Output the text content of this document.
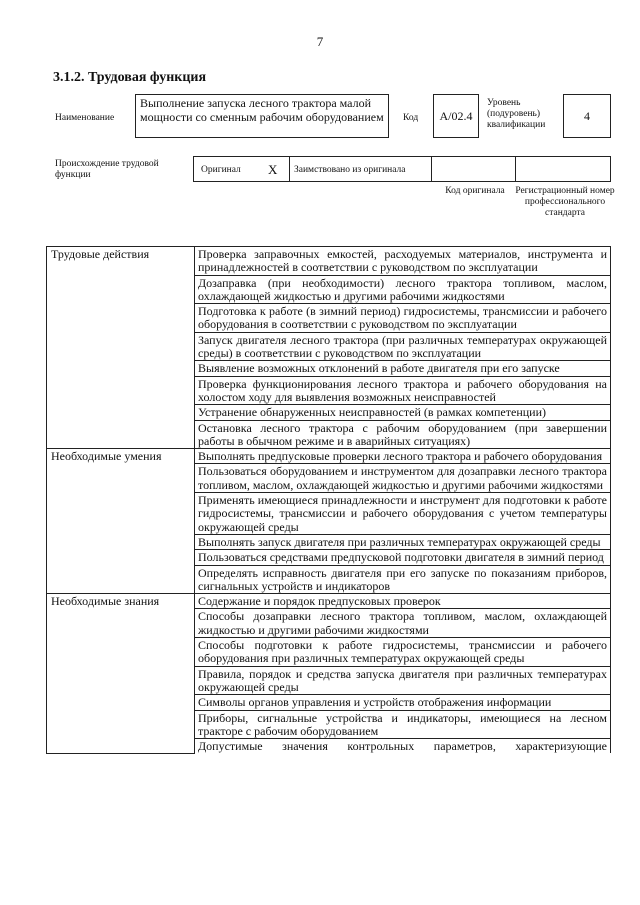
7
3.1.2. Трудовая функция
Наименование
Выполнение запуска лесного трактора малой мощности со сменным рабочим оборудованием	Код А/02.4
Уровень (подуровень) квалификации
4
Происхождение трудовой функции	Оригинал X Заимствовано из оригинала
Код оригинала	Регистрационный номер профессионального стандарта
Трудовые действия	Проверка заправочных емкостей, расходуемых материалов, инструмента и принадлежностей в соответствии с руководством по эксплуатации
	Дозаправка (при необходимости) лесного трактора топливом, маслом, охлаждающей жидкостью и другими рабочими жидкостями
	Подготовка к работе (в зимний период) гидросистемы, трансмиссии и рабочего оборудования в соответствии с руководством по эксплуатации
	Запуск двигателя лесного трактора (при различных температурах окружающей среды) в соответствии с руководством по эксплуатации
	Выявление возможных отклонений в работе двигателя при его запуске
	Проверка функционирования лесного трактора и рабочего оборудования на холостом ходу для выявления возможных неисправностей
	Устранение обнаруженных неисправностей (в рамках компетенции)
	Остановка лесного трактора с рабочим оборудованием (при завершении работы в обычном режиме и в аварийных ситуациях)
Необходимые умения	Выполнять предпусковые проверки лесного трактора и рабочего оборудования
	Пользоваться оборудованием и инструментом для дозаправки лесного трактора топливом, маслом, охлаждающей жидкостью и другими рабочими жидкостями
	Применять имеющиеся принадлежности и инструмент для подготовки к работе гидросистемы, трансмиссии и рабочего оборудования с учетом температуры окружающей среды
	Выполнять запуск двигателя при различных температурах окружающей среды
	Пользоваться средствами предпусковой подготовки двигателя в зимний период
	Определять исправность двигателя при его запуске по показаниям приборов, сигнальных устройств и индикаторов
Необходимые знания	Содержание и порядок предпусковых проверок
	Способы дозаправки лесного трактора топливом, маслом, охлаждающей жидкостью и другими рабочими жидкостями
	Способы подготовки к работе гидросистемы, трансмиссии и рабочего оборудования при различных температурах окружающей среды
	Правила, порядок и средства запуска двигателя при различных температурах окружающей среды
	Символы органов управления и устройств отображения информации
	Приборы, сигнальные устройства и индикаторы, имеющиеся на лесном тракторе с рабочим оборудованием
	Допустимые значения контрольных параметров, характеризующие
